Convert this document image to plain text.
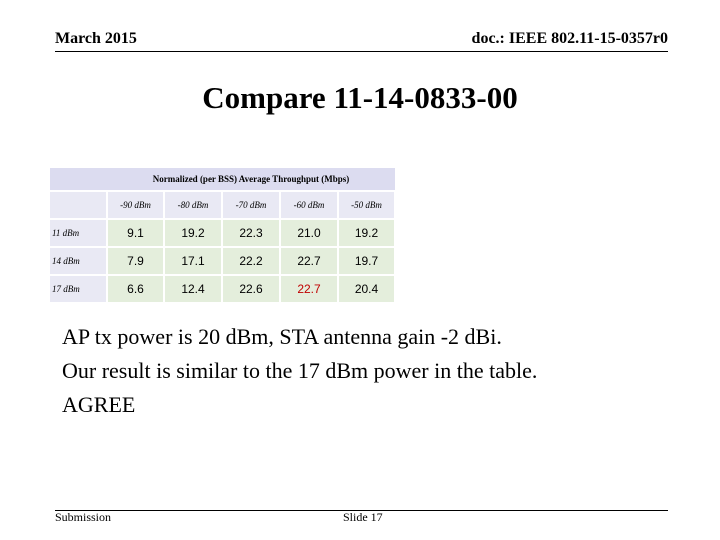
March 2015	doc.: IEEE 802.11-15-0357r0
Compare 11-14-0833-00
	Normalized (per BSS) Average Throughput (Mbps)				
	-90 dBm	-80 dBm	-70 dBm	-60 dBm	-50 dBm
11 dBm	9.1	19.2	22.3	21.0	19.2
14 dBm	7.9	17.1	22.2	22.7	19.7
17 dBm	6.6	12.4	22.6	22.7	20.4
AP tx power is 20 dBm, STA antenna gain -2 dBi.
Our result is similar to the 17 dBm power in the table.
AGREE
Submission	Slide 17
